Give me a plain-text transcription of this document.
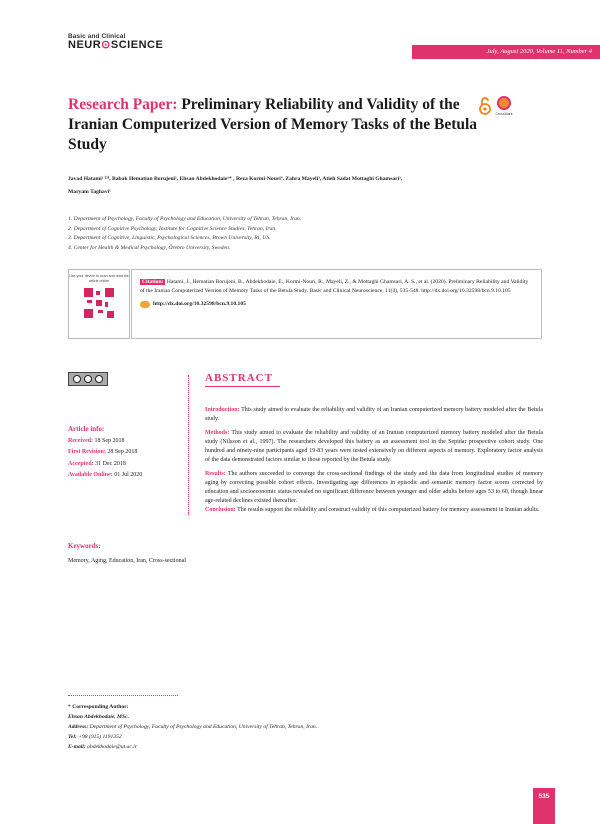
Basic and Clinical
NEUR⊙SCIENCE
July, August 2020, Volume 11, Number 4
Research Paper: Preliminary Reliability and Validity of the Iranian Computerized Version of Memory Tasks of the Betula Study
CrossMark
Javad Hatami¹ ⁽²⁾, Babak Hematian Borujeni¹, Ehsan Abdekhodaie¹* , Reza Kormi-Nouri⁴, Zahra Mayeli³, Atieh Sadat Mottaghi Ghamsari¹,
Maryam Taghavi¹
1. Department of Psychology, Faculty of Psychology and Education, University of Tehran, Tehran, Iran.
2. Department of Cognitive Psychology, Institute for Cognitive Science Studies, Tehran, Iran.
3. Department of Cognitive, Linguistic, Psychological Sciences, Brown University, RI, US.
4. Center for Health & Medical Psychology, Örebro University, Sweden.
Use your device to scan and read the article online	Citation: Hatami, J., Hematian Borujeni, B., Abdekhodaie, E., Kormi-Nouri, R., Mayeli, Z., & Mottaghi Ghamsari, A. S., et al. (2020). Preliminary Reliability and Validity of the Iranian Computerized Version of Memory Tasks of the Betula Study. Basic and Clinical Neuroscience, 11(4), 535-548. http://dx.doi.org/10.32598/bcn.9.10.105
http://dx.doi.org/10.32598/bcn.9.10.105
ABSTRACT
Article info:
Received: 18 Sep 2018
First Revision: 28 Sep 2018
Accepted: 31 Dec 2018
Available Online: 01 Jul 2020
Keywords:
Memory, Aging, Education, Iran, Cross-sectional

Introduction: This study aimed to evaluate the reliability and validity of an Iranian computerized memory battery modeled after the Betula study.

Methods: This study aimed to evaluate the reliability and validity of an Iranian computerized memory battery modeled after the Betula study (Nilsson et al., 1997). The researchers developed this battery as an assessment tool in the Sepidar prospective cohort study. One hundred and ninety-nine participants aged 19-83 years were tested extensively on different aspects of memory. Exploratory factor analysis of the data demonstrated factors similar to those reported by the Betula study.

Results: The authors succeeded to converge the cross-sectional findings of the study and the data from longitudinal studies of memory aging by correcting possible cohort effects. Investigating age differences in episodic and semantic memory factor scores corrected by education and socioeconomic status revealed no significant difference between younger and older adults before ages 53 to 60, though linear age-related declines existed thereafter.

Conclusion: The results support the reliability and construct validity of this computerized battery for memory assessment in Iranian adults.

* Corresponding Author:
Ehsan Abdekhodaie, MSc.
Address: Department of Psychology, Faculty of Psychology and Education, University of Tehran, Tehran, Iran.
Tel: +98 (915) 1191352
E-mail: abdekhodaie@ut.ac.ir
535
